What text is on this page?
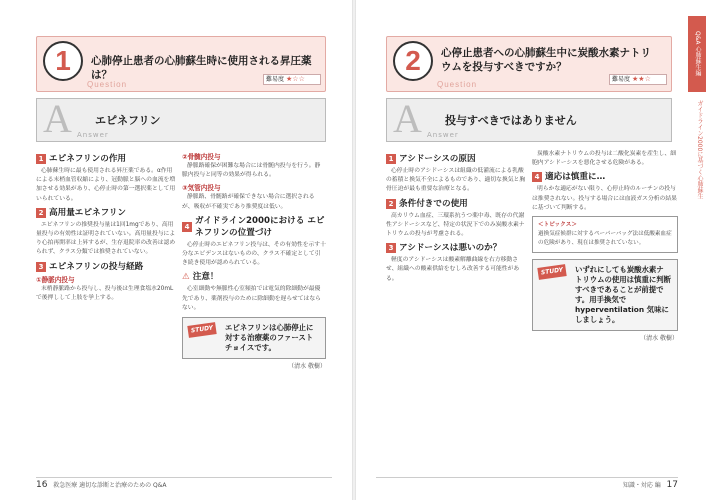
1
Question
心肺停止患者の心肺蘇生時に使用される昇圧薬は？	難易度 ★☆☆
A Answer
エピネフリン
1 エピネフリンの作用
心肺蘇生時に最も使用される昇圧薬である。α作用による末梢血管収縮により、冠動脈と脳への血流を増加させる効果があり、心停止時の第一選択薬として用いられている。
2 高用量エピネフリン
エピネフリンの推奨投与量は1回1mgであり、高用量投与の有効性は証明されていない。高用量投与により心拍再開率は上昇するが、生存退院率の改善は認められず、クラス分類では推奨されていない。
3 エピネフリンの投与経路
①静脈内投与
末梢静脈路から投与し、投与後は生理食塩水20mLで後押しして上肢を挙上する。
②骨髄内投与
静脈路確保が困難な場合には骨髄内投与を行う。静脈内投与と同等の効果が得られる。
③気管内投与
静脈路、骨髄路が確保できない場合に選択されるが、吸収が不確実であり推奨度は低い。
4
ガイドライン2000における エピネフリンの位置づけ
心停止時のエピネフリン投与は、その有効性を示す十分なエビデンスはないものの、クラス不確定として引き続き使用が認められている。
⚠ 注意！
心室細動や無脈性心室頻拍では電気的除細動が最優先であり、薬剤投与のために除細動を遅らせてはならない。
STUDY	エピネフリンは心肺停止に対する治療薬のファーストチョイスです。
（清水 敬樹）
16 救急医療 適切な診断と治療のための Q&A
2
Question
心停止患者への心肺蘇生中に炭酸水素ナトリウムを投与すべきですか？
難易度 ★★☆
A Answer
投与すべきではありません
1 アシドーシスの原因
心停止時のアシドーシスは組織の低灌流による乳酸の蓄積と換気不全によるものであり、適切な換気と胸骨圧迫が最も重要な治療となる。
2 条件付きでの使用
高カリウム血症、三環系抗うつ薬中毒、既存の代謝性アシドーシスなど、特定の状況下でのみ炭酸水素ナトリウムの投与が考慮される。
3 アシドーシスは悪いのか？
軽度のアシドーシスは酸素解離曲線を右方移動させ、組織への酸素供給をむしろ改善する可能性がある。
炭酸水素ナトリウムの投与は二酸化炭素を産生し、細胞内アシドーシスを悪化させる危険がある。
4 適応は慎重に…
明らかな適応がない限り、心停止時のルーチンの投与は推奨されない。投与する場合には血液ガス分析の結果に基づいて判断する。
＜トピックス＞
過換気症候群に対するペーパーバッグ法は低酸素血症の危険があり、現在は推奨されていない。
STUDY	いずれにしても炭酸水素ナトリウムの使用は慎重に判断すべきであることが前提です。用手換気で hyperventilation 気味にしましょう。
（清水 敬樹）
Q&A 心肺蘇生編
ガイドライン2000に基づく心肺蘇生
知識・対応 編 17
